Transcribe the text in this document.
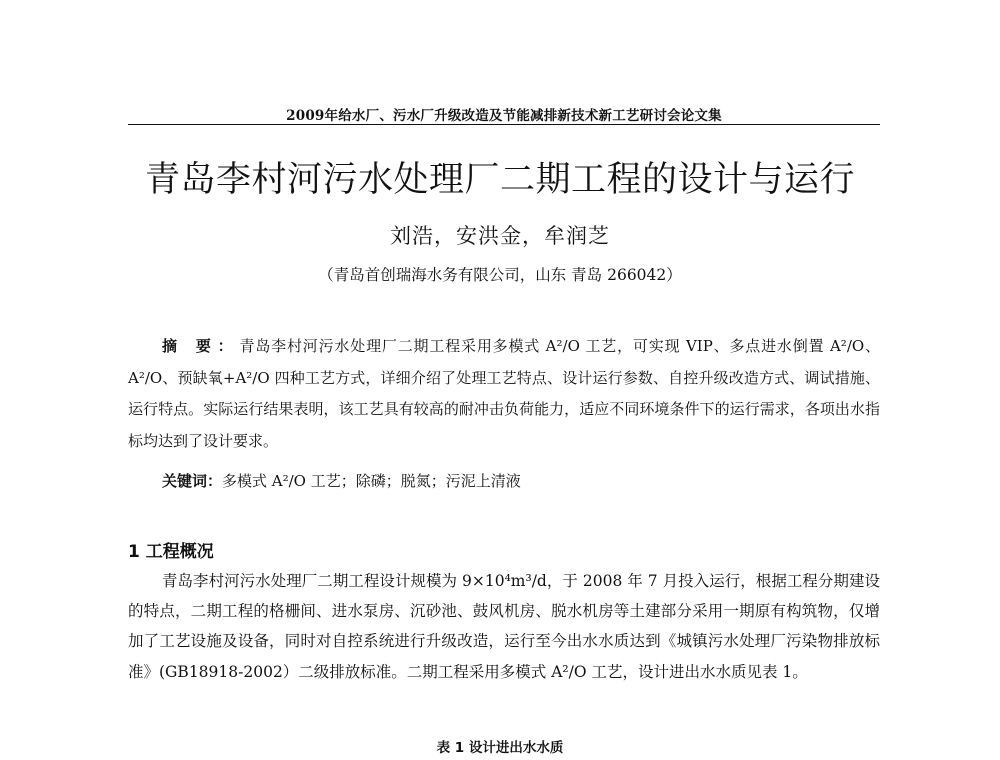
2009年给水厂、污水厂升级改造及节能减排新技术新工艺研讨会论文集
青岛李村河污水处理厂二期工程的设计与运行
刘浩，安洪金，牟润芝
（青岛首创瑞海水务有限公司，山东 青岛 266042）

摘 要：青岛李村河污水处理厂二期工程采用多模式 A²/O 工艺，可实现 VIP、多点进水倒置 A²/O、A²/O、预缺氧+A²/O 四种工艺方式，详细介绍了处理工艺特点、设计运行参数、自控升级改造方式、调试措施、运行特点。实际运行结果表明，该工艺具有较高的耐冲击负荷能力，适应不同环境条件下的运行需求，各项出水指标均达到了设计要求。

关键词：多模式 A²/O 工艺；除磷；脱氮；污泥上清液

1 工程概况

青岛李村河污水处理厂二期工程设计规模为 9×10⁴m³/d，于 2008 年 7 月投入运行，根据工程分期建设的特点，二期工程的格栅间、进水泵房、沉砂池、鼓风机房、脱水机房等土建部分采用一期原有构筑物，仅增加了工艺设施及设备，同时对自控系统进行升级改造，运行至今出水水质达到《城镇污水处理厂污染物排放标准》(GB18918-2002）二级排放标准。二期工程采用多模式 A²/O 工艺，设计进出水水质见表 1。

表 1 设计进出水水质
